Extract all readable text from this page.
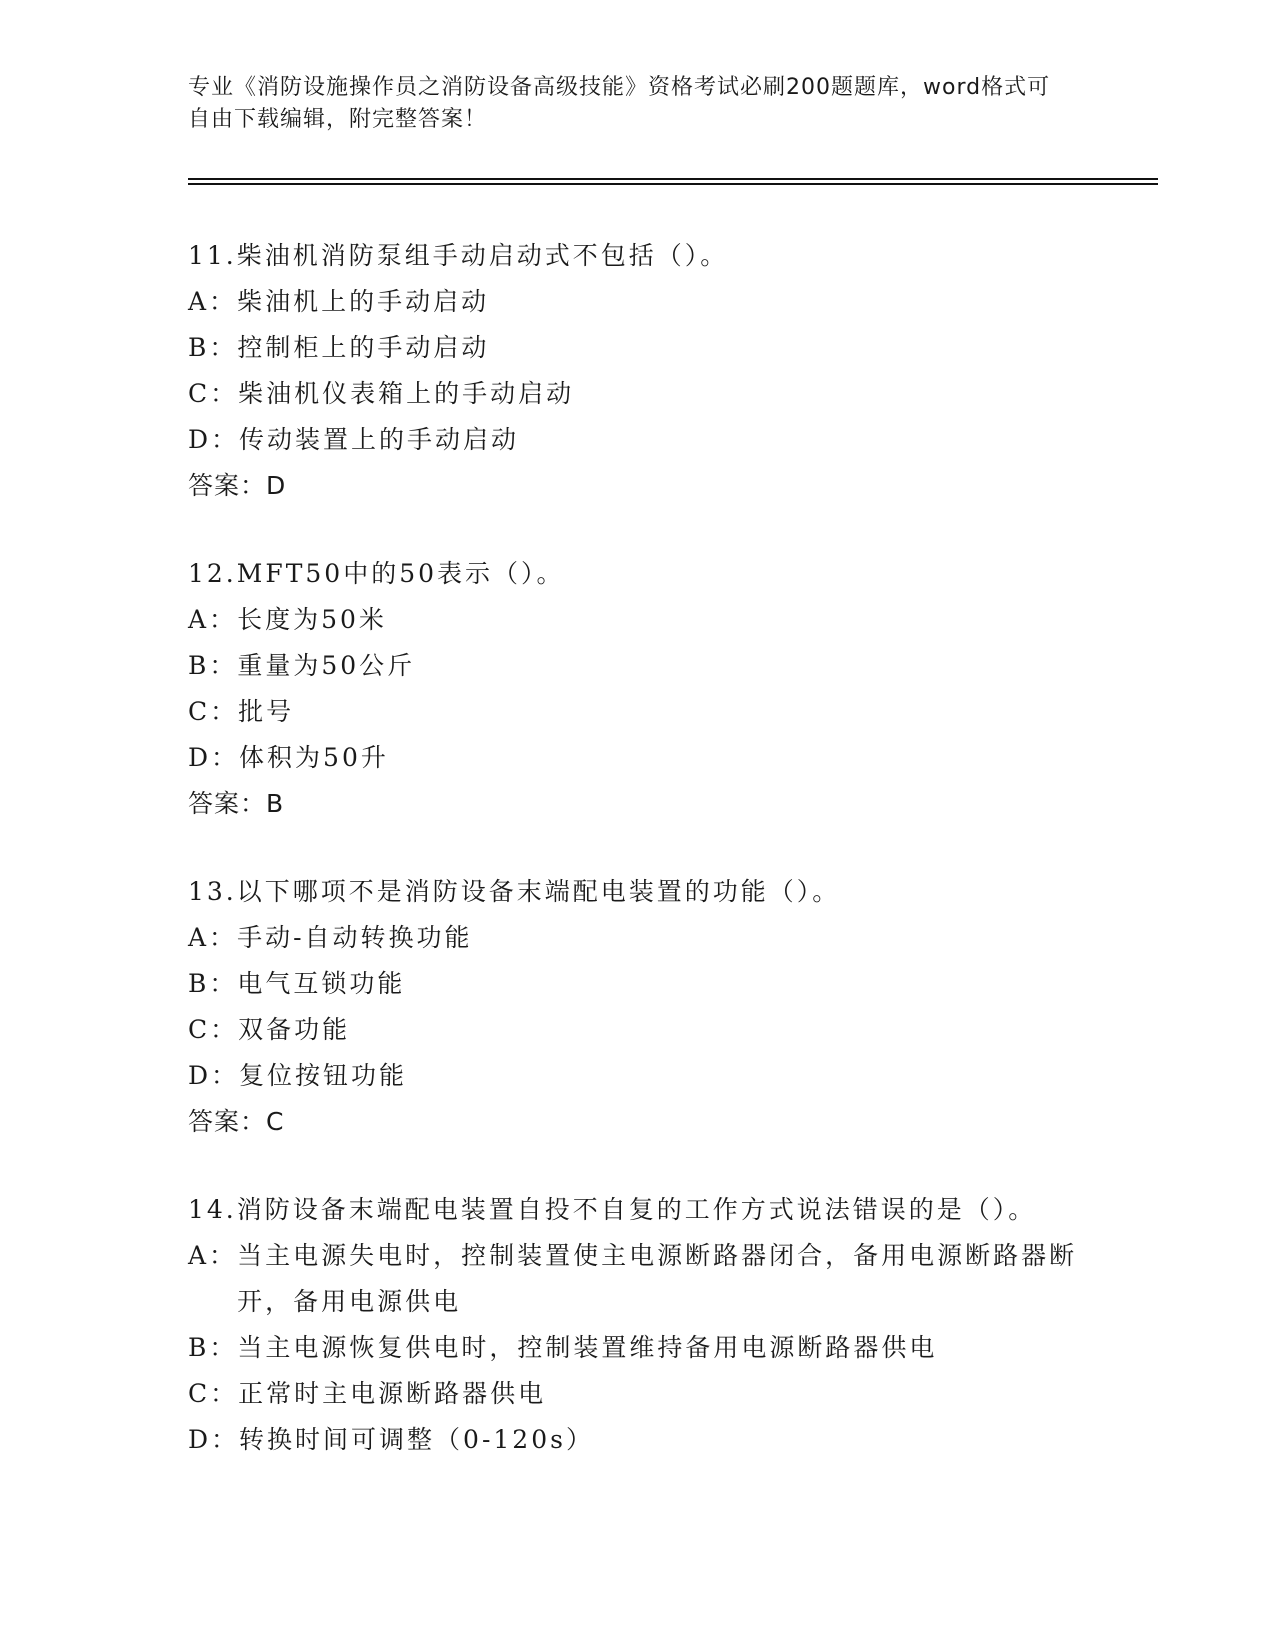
专业《消防设施操作员之消防设备高级技能》资格考试必刷200题题库，word格式可自由下载编辑，附完整答案！
11.柴油机消防泵组手动启动式不包括（）。
A： 柴油机上的手动启动
B： 控制柜上的手动启动
C： 柴油机仪表箱上的手动启动
D： 传动装置上的手动启动
答案：D
12.MFT50中的50表示（）。
A： 长度为50米
B： 重量为50公斤
C： 批号
D： 体积为50升
答案：B
13.以下哪项不是消防设备末端配电装置的功能（）。
A： 手动-自动转换功能
B： 电气互锁功能
C： 双备功能
D： 复位按钮功能
答案：C
14.消防设备末端配电装置自投不自复的工作方式说法错误的是（）。
A： 当主电源失电时，控制装置使主电源断路器闭合，备用电源断路器断开，备用电源供电
B： 当主电源恢复供电时，控制装置维持备用电源断路器供电
C： 正常时主电源断路器供电
D： 转换时间可调整（0-120s）
